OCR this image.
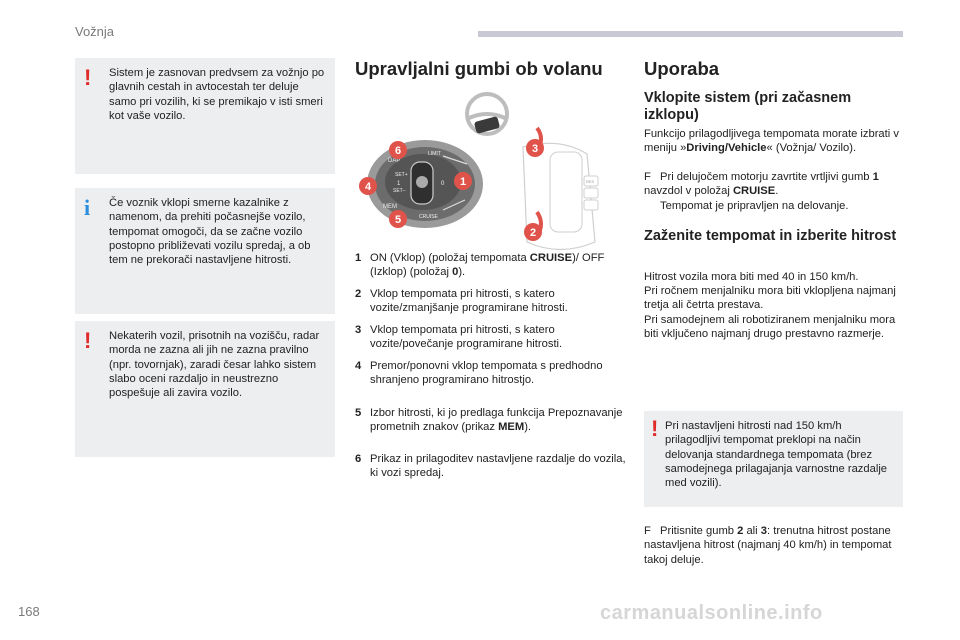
Vožnja
! Sistem je zasnovan predvsem za vožnjo po glavnih cestah in avtocestah ter deluje samo pri vozilih, ki se premikajo v isti smeri kot vaše vozilo.
i Če voznik vklopi smerne kazalnike z namenom, da prehiti počasnejše vozilo, tempomat omogoči, da se začne vozilo postopno približevati vozilu spredaj, a ob tem ne prekorači nastavljene hitrosti.
! Nekaterih vozil, prisotnih na vozišču, radar morda ne zazna ali jih ne zazna pravilno (npr. tovornjak), zaradi česar lahko sistem slabo oceni razdaljo in neustrezno pospešuje ali zavira vozilo.
Upravljalni gumbi ob volanu
DAP
SET+
SET–
MEM
LIMIT
CRUISE
1	0	RES
6
4
5
1
3
2
1 ON (Vklop) (položaj tempomata CRUISE)/ OFF (Izklop) (položaj 0).
2 Vklop tempomata pri hitrosti, s katero vozite/zmanjšanje programirane hitrosti.
3 Vklop tempomata pri hitrosti, s katero vozite/povečanje programirane hitrosti.
4 Premor/ponovni vklop tempomata s predhodno shranjeno programirano hitrostjo.
5 Izbor hitrosti, ki jo predlaga funkcija Prepoznavanje prometnih znakov (prikaz MEM).
6 Prikaz in prilagoditev nastavljene razdalje do vozila, ki vozi spredaj.
Uporaba
Vklopite sistem (pri začasnem izklopu)
Funkcijo prilagodljivega tempomata morate izbrati v meniju »Driving/Vehicle« (Vožnja/ Vozilo).
F Pri delujočem motorju zavrtite vrtljivi gumb 1 navzdol v položaj CRUISE.
Tempomat je pripravljen na delovanje.
Zaženite tempomat in izberite hitrost
Hitrost vozila mora biti med 40 in 150 km/h.
Pri ročnem menjalniku mora biti vklopljena najmanj tretja ali četrta prestava.
Pri samodejnem ali robotiziranem menjalniku mora biti vključeno najmanj drugo prestavno razmerje.
! Pri nastavljeni hitrosti nad 150 km/h prilagodljivi tempomat preklopi na način delovanja standardnega tempomata (brez samodejnega prilagajanja varnostne razdalje med vozili).
F Pritisnite gumb 2 ali 3: trenutna hitrost postane nastavljena hitrost (najmanj 40 km/h) in tempomat takoj deluje.
168	carmanualsonline.info
